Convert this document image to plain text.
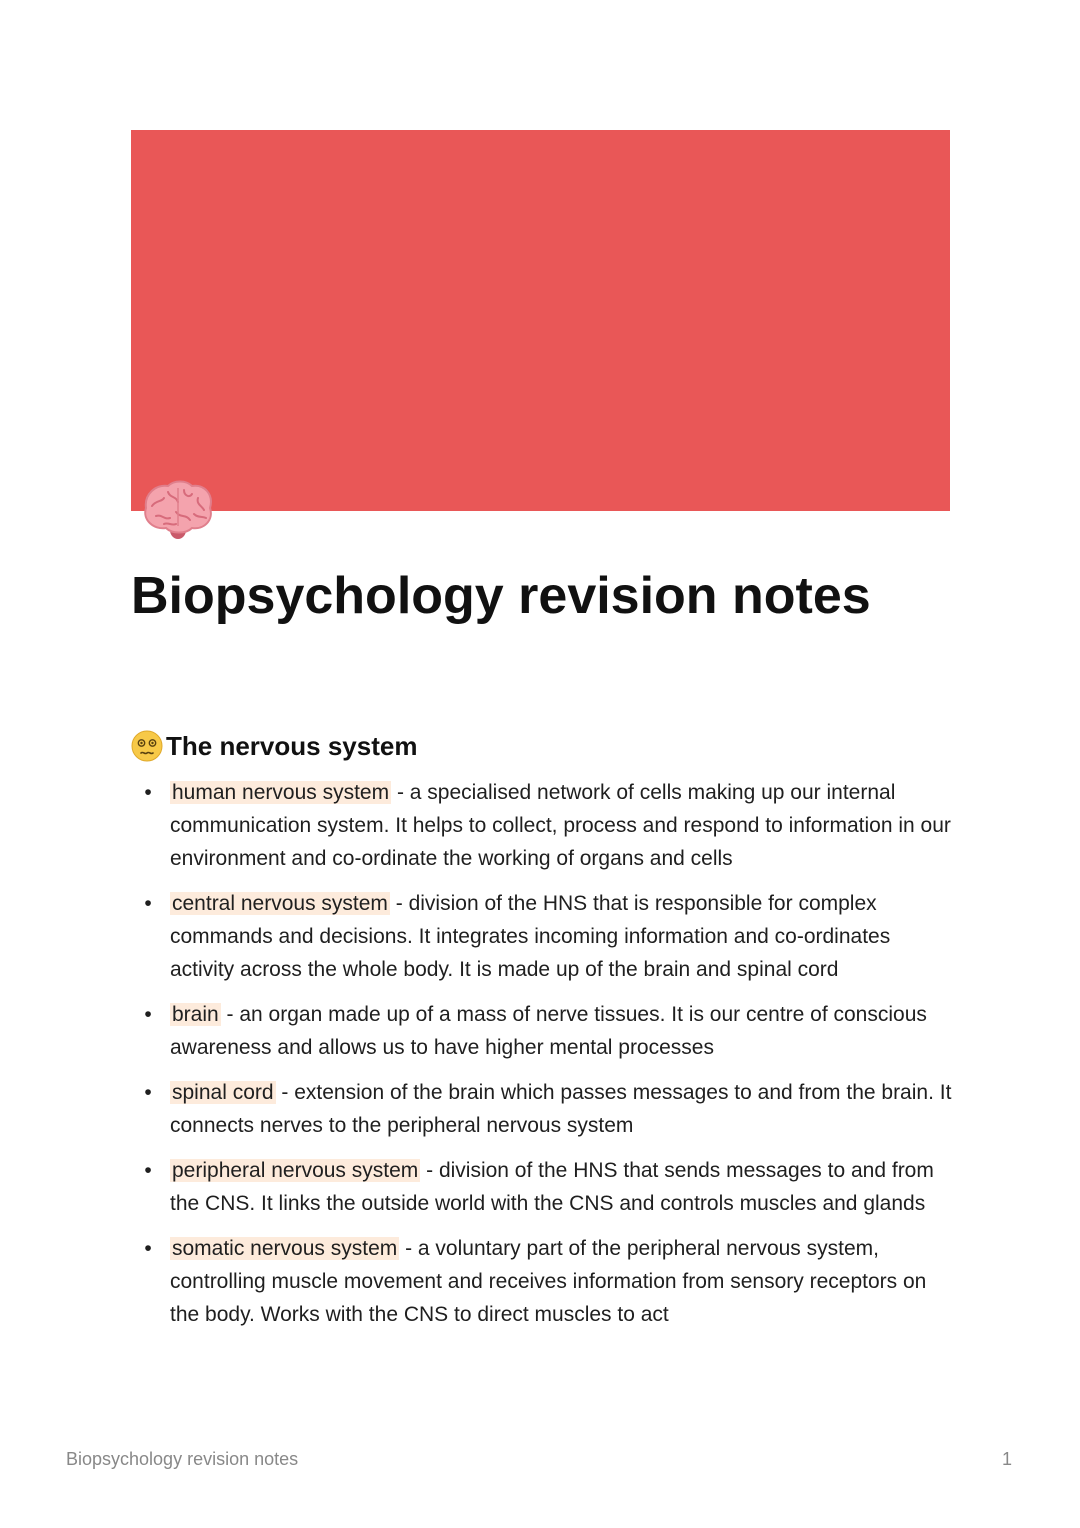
Biopsychology revision notes
The nervous system
• human nervous system - a specialised network of cells making up our internal communication system. It helps to collect, process and respond to information in our environment and co-ordinate the working of organs and cells
• central nervous system - division of the HNS that is responsible for complex commands and decisions. It integrates incoming information and co-ordinates activity across the whole body. It is made up of the brain and spinal cord
• brain - an organ made up of a mass of nerve tissues. It is our centre of conscious awareness and allows us to have higher mental processes
• spinal cord - extension of the brain which passes messages to and from the brain. It connects nerves to the peripheral nervous system
• peripheral nervous system - division of the HNS that sends messages to and from the CNS. It links the outside world with the CNS and controls muscles and glands
• somatic nervous system - a voluntary part of the peripheral nervous system, controlling muscle movement and receives information from sensory receptors on the body. Works with the CNS to direct muscles to act
Biopsychology revision notes	1
